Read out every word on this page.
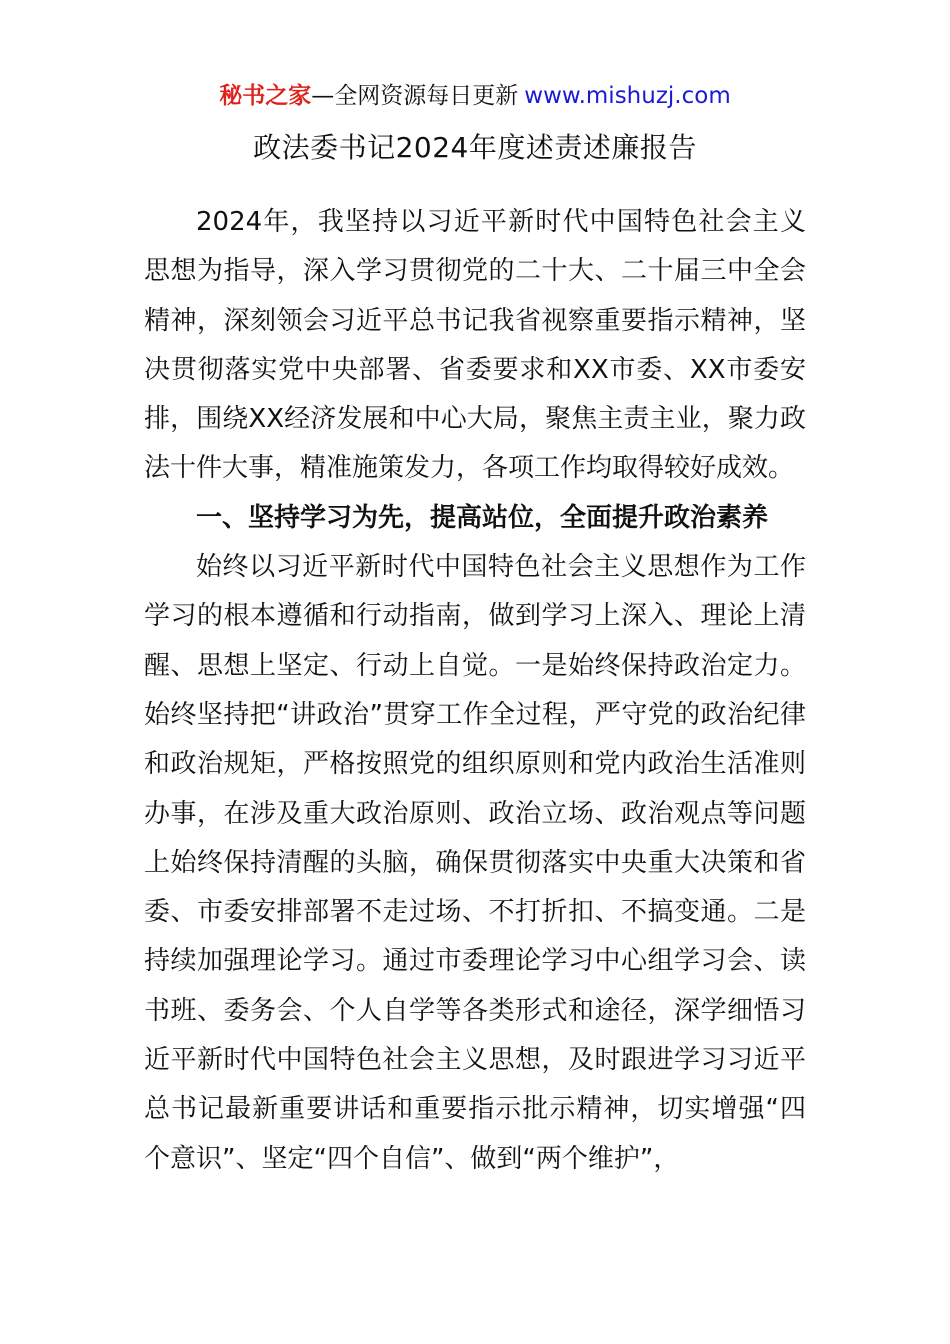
秘书之家—全网资源每日更新 www.mishuzj.com
政法委书记2024年度述责述廉报告

2024年，我坚持以习近平新时代中国特色社会主义思想为指导，深入学习贯彻党的二十大、二十届三中全会精神，深刻领会习近平总书记我省视察重要指示精神，坚决贯彻落实党中央部署、省委要求和XX市委、XX市委安排，围绕XX经济发展和中心大局，聚焦主责主业，聚力政法十件大事，精准施策发力，各项工作均取得较好成效。

一、坚持学习为先，提高站位，全面提升政治素养

始终以习近平新时代中国特色社会主义思想作为工作学习的根本遵循和行动指南，做到学习上深入、理论上清醒、思想上坚定、行动上自觉。一是始终保持政治定力。始终坚持把“讲政治”贯穿工作全过程，严守党的政治纪律和政治规矩，严格按照党的组织原则和党内政治生活准则办事，在涉及重大政治原则、政治立场、政治观点等问题上始终保持清醒的头脑，确保贯彻落实中央重大决策和省委、市委安排部署不走过场、不打折扣、不搞变通。二是持续加强理论学习。通过市委理论学习中心组学习会、读书班、委务会、个人自学等各类形式和途径，深学细悟习近平新时代中国特色社会主义思想，及时跟进学习习近平总书记最新重要讲话和重要指示批示精神，切实增强“四个意识”、坚定“四个自信”、做到“两个维护”，
